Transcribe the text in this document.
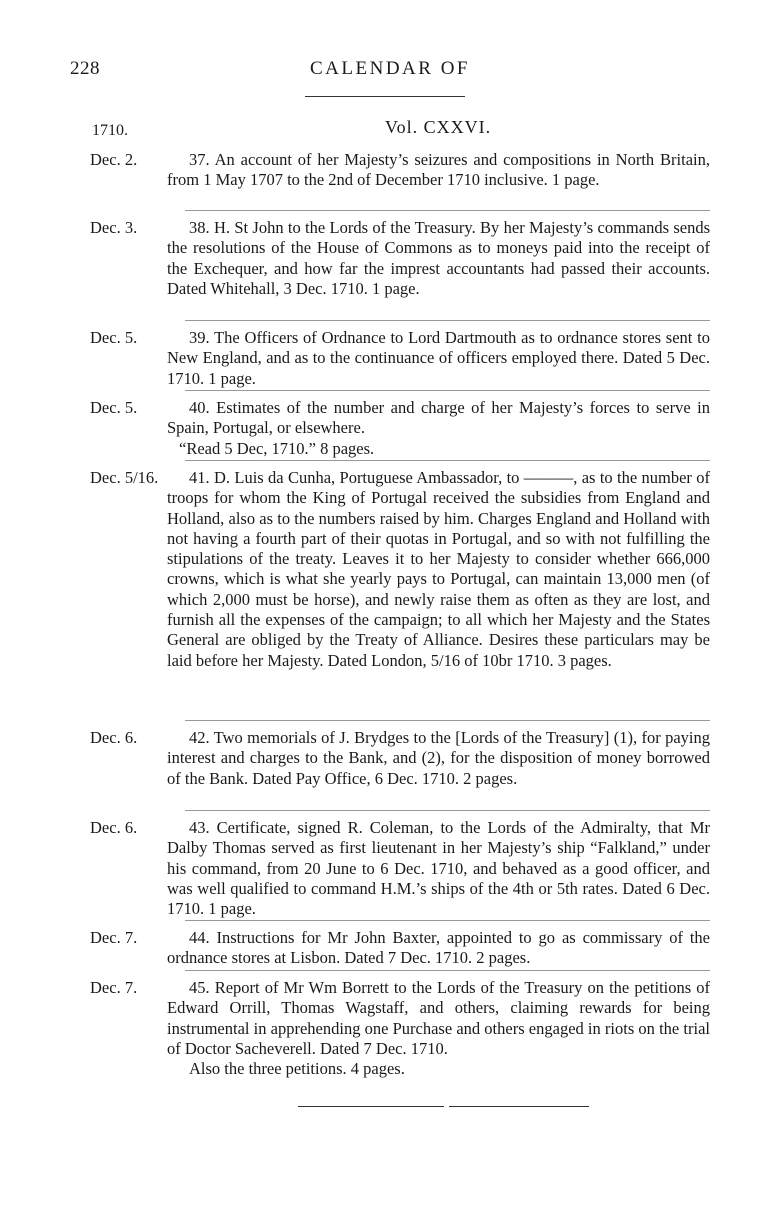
228	CALENDAR OF
1710.	Vol. CXXVI.
Dec. 2.	37. An account of her Majesty’s seizures and compositions in North Britain, from 1 May 1707 to the 2nd of December 1710 inclusive. 1 page.

Dec. 3.	38. H. St John to the Lords of the Treasury. By her Majesty’s commands sends the resolutions of the House of Commons as to moneys paid into the receipt of the Exchequer, and how far the imprest accountants had passed their accounts. Dated Whitehall, 3 Dec. 1710. 1 page.

Dec. 5.	39. The Officers of Ordnance to Lord Dartmouth as to ordnance stores sent to New England, and as to the continuance of officers employed there. Dated 5 Dec. 1710. 1 page.

Dec. 5.	40. Estimates of the number and charge of her Majesty’s forces to serve in Spain, Portugal, or elsewhere.

“Read 5 Dec, 1710.” 8 pages.

Dec. 5/16.	41. D. Luis da Cunha, Portuguese Ambassador, to ———, as to the number of troops for whom the King of Portugal received the subsidies from England and Holland, also as to the numbers raised by him. Charges England and Holland with not having a fourth part of their quotas in Portugal, and so with not fulfilling the stipulations of the treaty. Leaves it to her Majesty to consider whether 666,000 crowns, which is what she yearly pays to Portugal, can maintain 13,000 men (of which 2,000 must be horse), and newly raise them as often as they are lost, and furnish all the expenses of the campaign; to all which her Majesty and the States General are obliged by the Treaty of Alliance. Desires these particulars may be laid before her Majesty. Dated London, 5/16 of 10br 1710. 3 pages.

Dec. 6.	42. Two memorials of J. Brydges to the [Lords of the Treasury] (1), for paying interest and charges to the Bank, and (2), for the disposition of money borrowed of the Bank. Dated Pay Office, 6 Dec. 1710. 2 pages.

Dec. 6.	43. Certificate, signed R. Coleman, to the Lords of the Admiralty, that Mr Dalby Thomas served as first lieutenant in her Majesty’s ship “Falkland,” under his command, from 20 June to 6 Dec. 1710, and behaved as a good officer, and was well qualified to command H.M.’s ships of the 4th or 5th rates. Dated 6 Dec. 1710. 1 page.

Dec. 7.	44. Instructions for Mr John Baxter, appointed to go as commissary of the ordnance stores at Lisbon. Dated 7 Dec. 1710. 2 pages.

Dec. 7.	45. Report of Mr Wm Borrett to the Lords of the Treasury on the petitions of Edward Orrill, Thomas Wagstaff, and others, claiming rewards for being instrumental in apprehending one Purchase and others engaged in riots on the trial of Doctor Sacheverell. Dated 7 Dec. 1710.

Also the three petitions. 4 pages.
